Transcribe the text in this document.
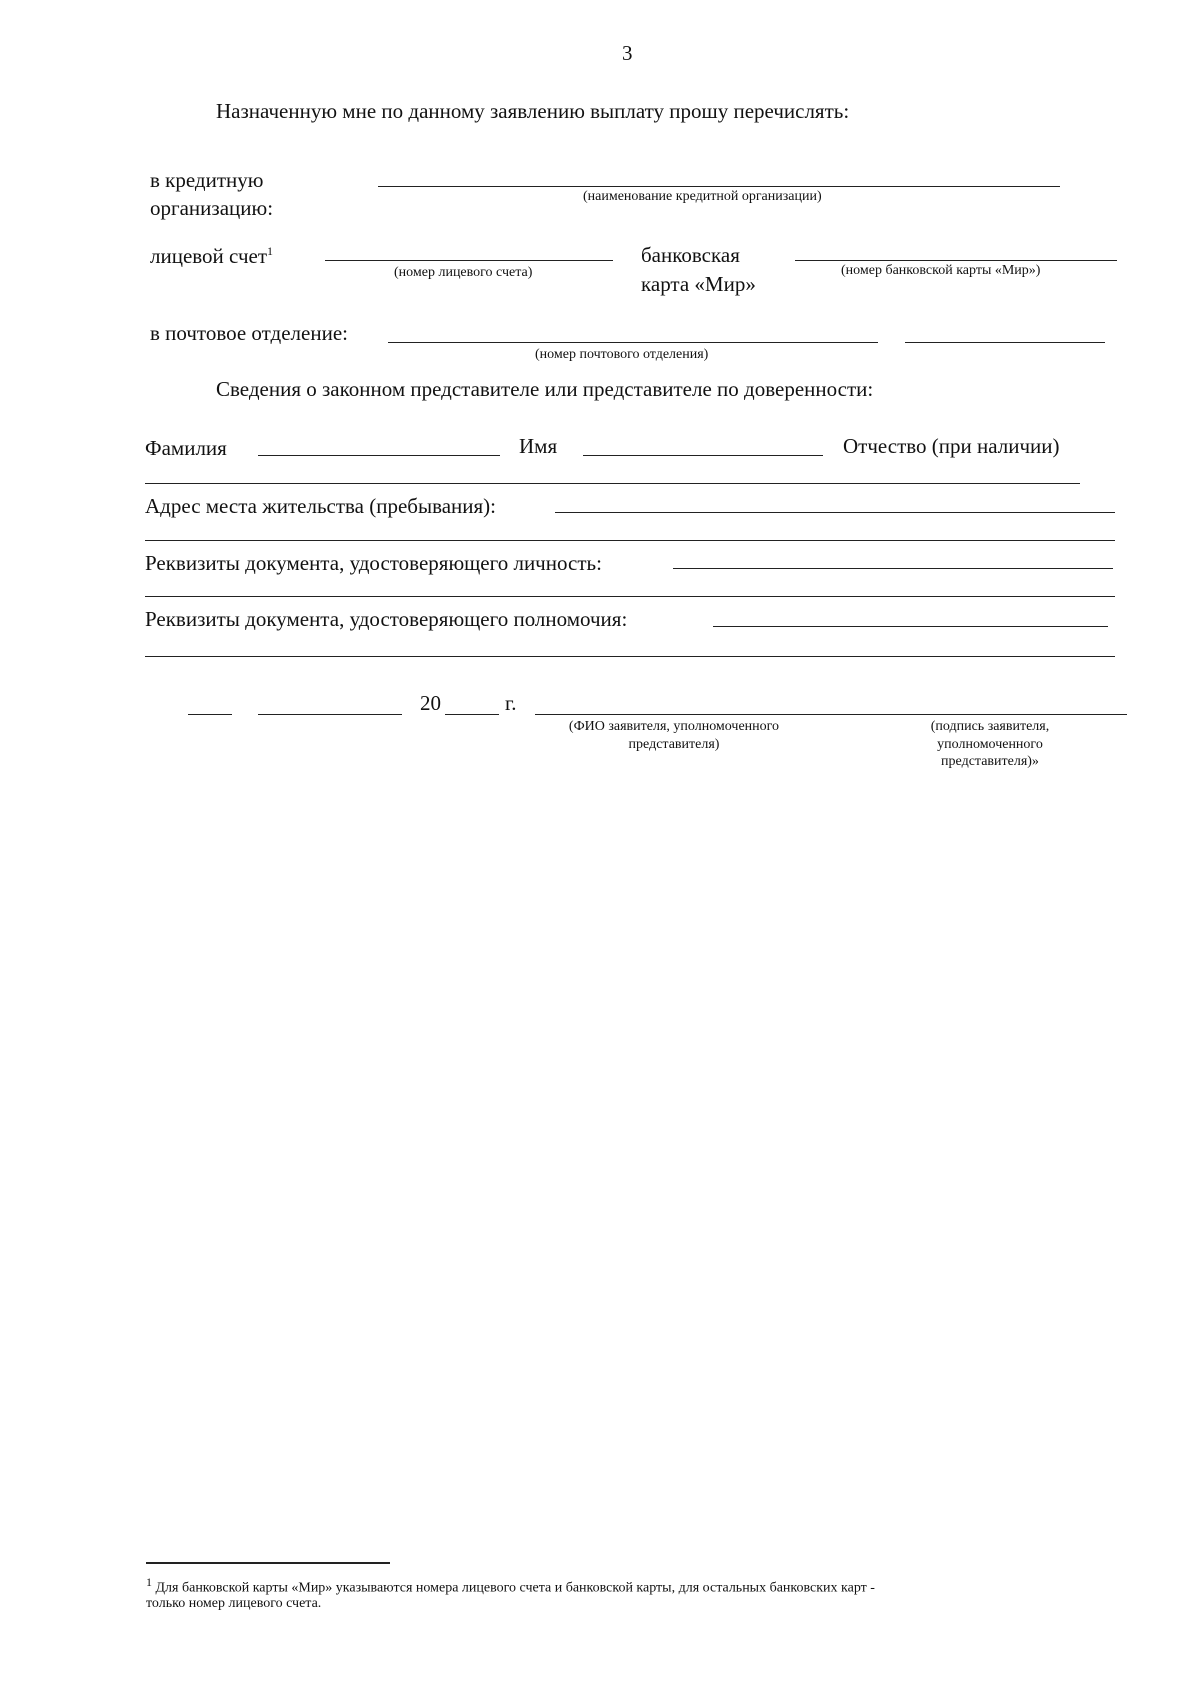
3
Назначенную мне по данному заявлению выплату прошу перечислять:
в кредитную
организацию:	(наименование кредитной организации)
лицевой счет$^1$
(номер лицевого счета)
банковская
карта «Мир»
(номер банковской карты «Мир»)
в почтовое отделение:
(номер почтового отделения)
Сведения о законном представителе или представителе по доверенности:
Фамилия	Имя	Отчество (при наличии)
Адрес места жительства (пребывания):
Реквизиты документа, удостоверяющего личность:
Реквизиты документа, удостоверяющего полномочия:
20	г.
(ФИО заявителя, уполномоченного
представителя)
(подпись заявителя,
уполномоченного
представителя)»
$^1$ Для банковской карты «Мир» указываются номера лицевого счета и банковской карты, для остальных банковских карт -
только номер лицевого счета.
